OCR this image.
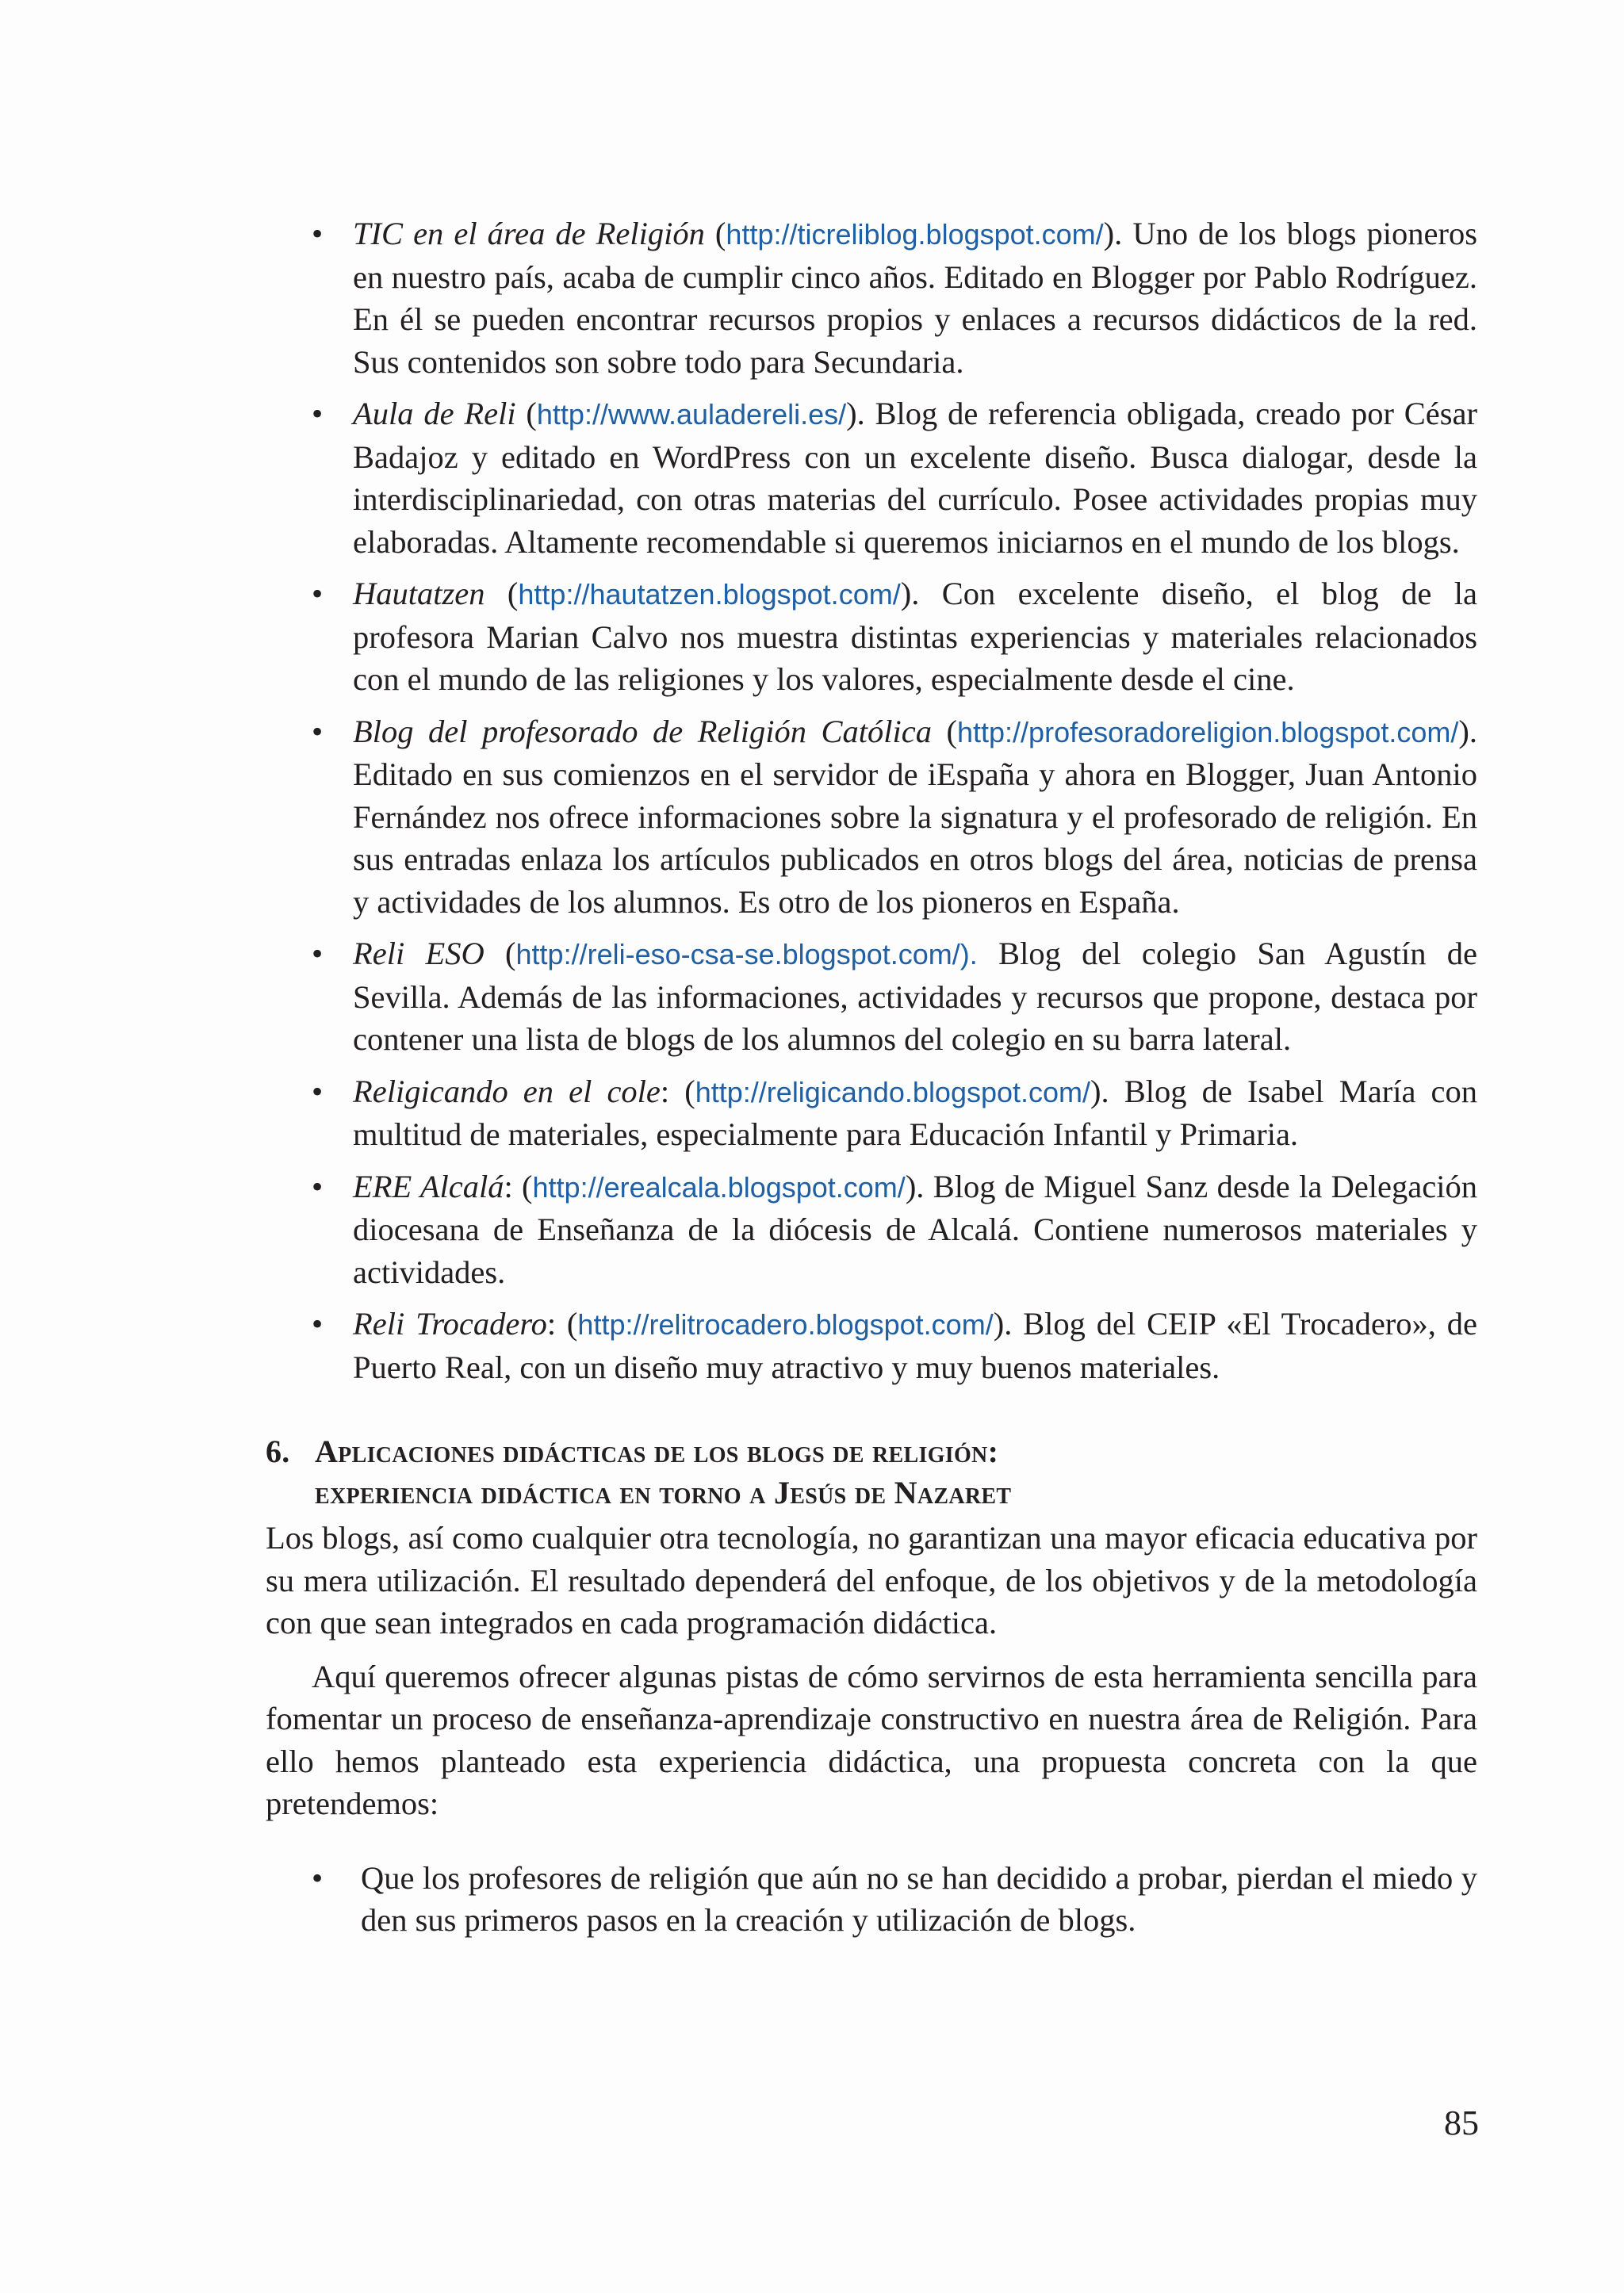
• TIC en el área de Religión (http://ticreliblog.blogspot.com/). Uno de los blogs pioneros en nuestro país, acaba de cumplir cinco años. Editado en Blogger por Pablo Rodríguez. En él se pueden encontrar recursos propios y enlaces a recursos didácticos de la red. Sus contenidos son sobre todo para Secundaria.
• Aula de Reli (http://www.auladereli.es/). Blog de referencia obligada, creado por César Badajoz y editado en WordPress con un excelente diseño. Busca dialogar, desde la interdisciplinariedad, con otras materias del currículo. Posee actividades propias muy elaboradas. Altamente recomendable si queremos iniciarnos en el mundo de los blogs.
• Hautatzen (http://hautatzen.blogspot.com/). Con excelente diseño, el blog de la profesora Marian Calvo nos muestra distintas experiencias y materiales relacionados con el mundo de las religiones y los valores, especialmente desde el cine.
• Blog del profesorado de Religión Católica (http://profesoradoreligion.blogspot.com/). Editado en sus comienzos en el servidor de iEspaña y ahora en Blogger, Juan Antonio Fernández nos ofrece informaciones sobre la signatura y el profesorado de religión. En sus entradas enlaza los artículos publicados en otros blogs del área, noticias de prensa y actividades de los alumnos. Es otro de los pioneros en España.
• Reli ESO (http://reli-eso-csa-se.blogspot.com/). Blog del colegio San Agustín de Sevilla. Además de las informaciones, actividades y recursos que propone, destaca por contener una lista de blogs de los alumnos del colegio en su barra lateral.
• Religicando en el cole: (http://religicando.blogspot.com/). Blog de Isabel María con multitud de materiales, especialmente para Educación Infantil y Primaria.
• ERE Alcalá: (http://erealcala.blogspot.com/). Blog de Miguel Sanz desde la Delegación diocesana de Enseñanza de la diócesis de Alcalá. Contiene numerosos materiales y actividades.
• Reli Trocadero: (http://relitrocadero.blogspot.com/). Blog del CEIP «El Trocadero», de Puerto Real, con un diseño muy atractivo y muy buenos materiales.
6. Aplicaciones didácticas de los blogs de religión:
experiencia didáctica en torno a Jesús de Nazaret

Los blogs, así como cualquier otra tecnología, no garantizan una mayor eficacia educativa por su mera utilización. El resultado dependerá del enfoque, de los objetivos y de la metodología con que sean integrados en cada programación didáctica.

Aquí queremos ofrecer algunas pistas de cómo servirnos de esta herramienta sencilla para fomentar un proceso de enseñanza-aprendizaje constructivo en nuestra área de Religión. Para ello hemos planteado esta experiencia didáctica, una propuesta concreta con la que pretendemos:

• Que los profesores de religión que aún no se han decidido a probar, pierdan el miedo y den sus primeros pasos en la creación y utilización de blogs.
85
